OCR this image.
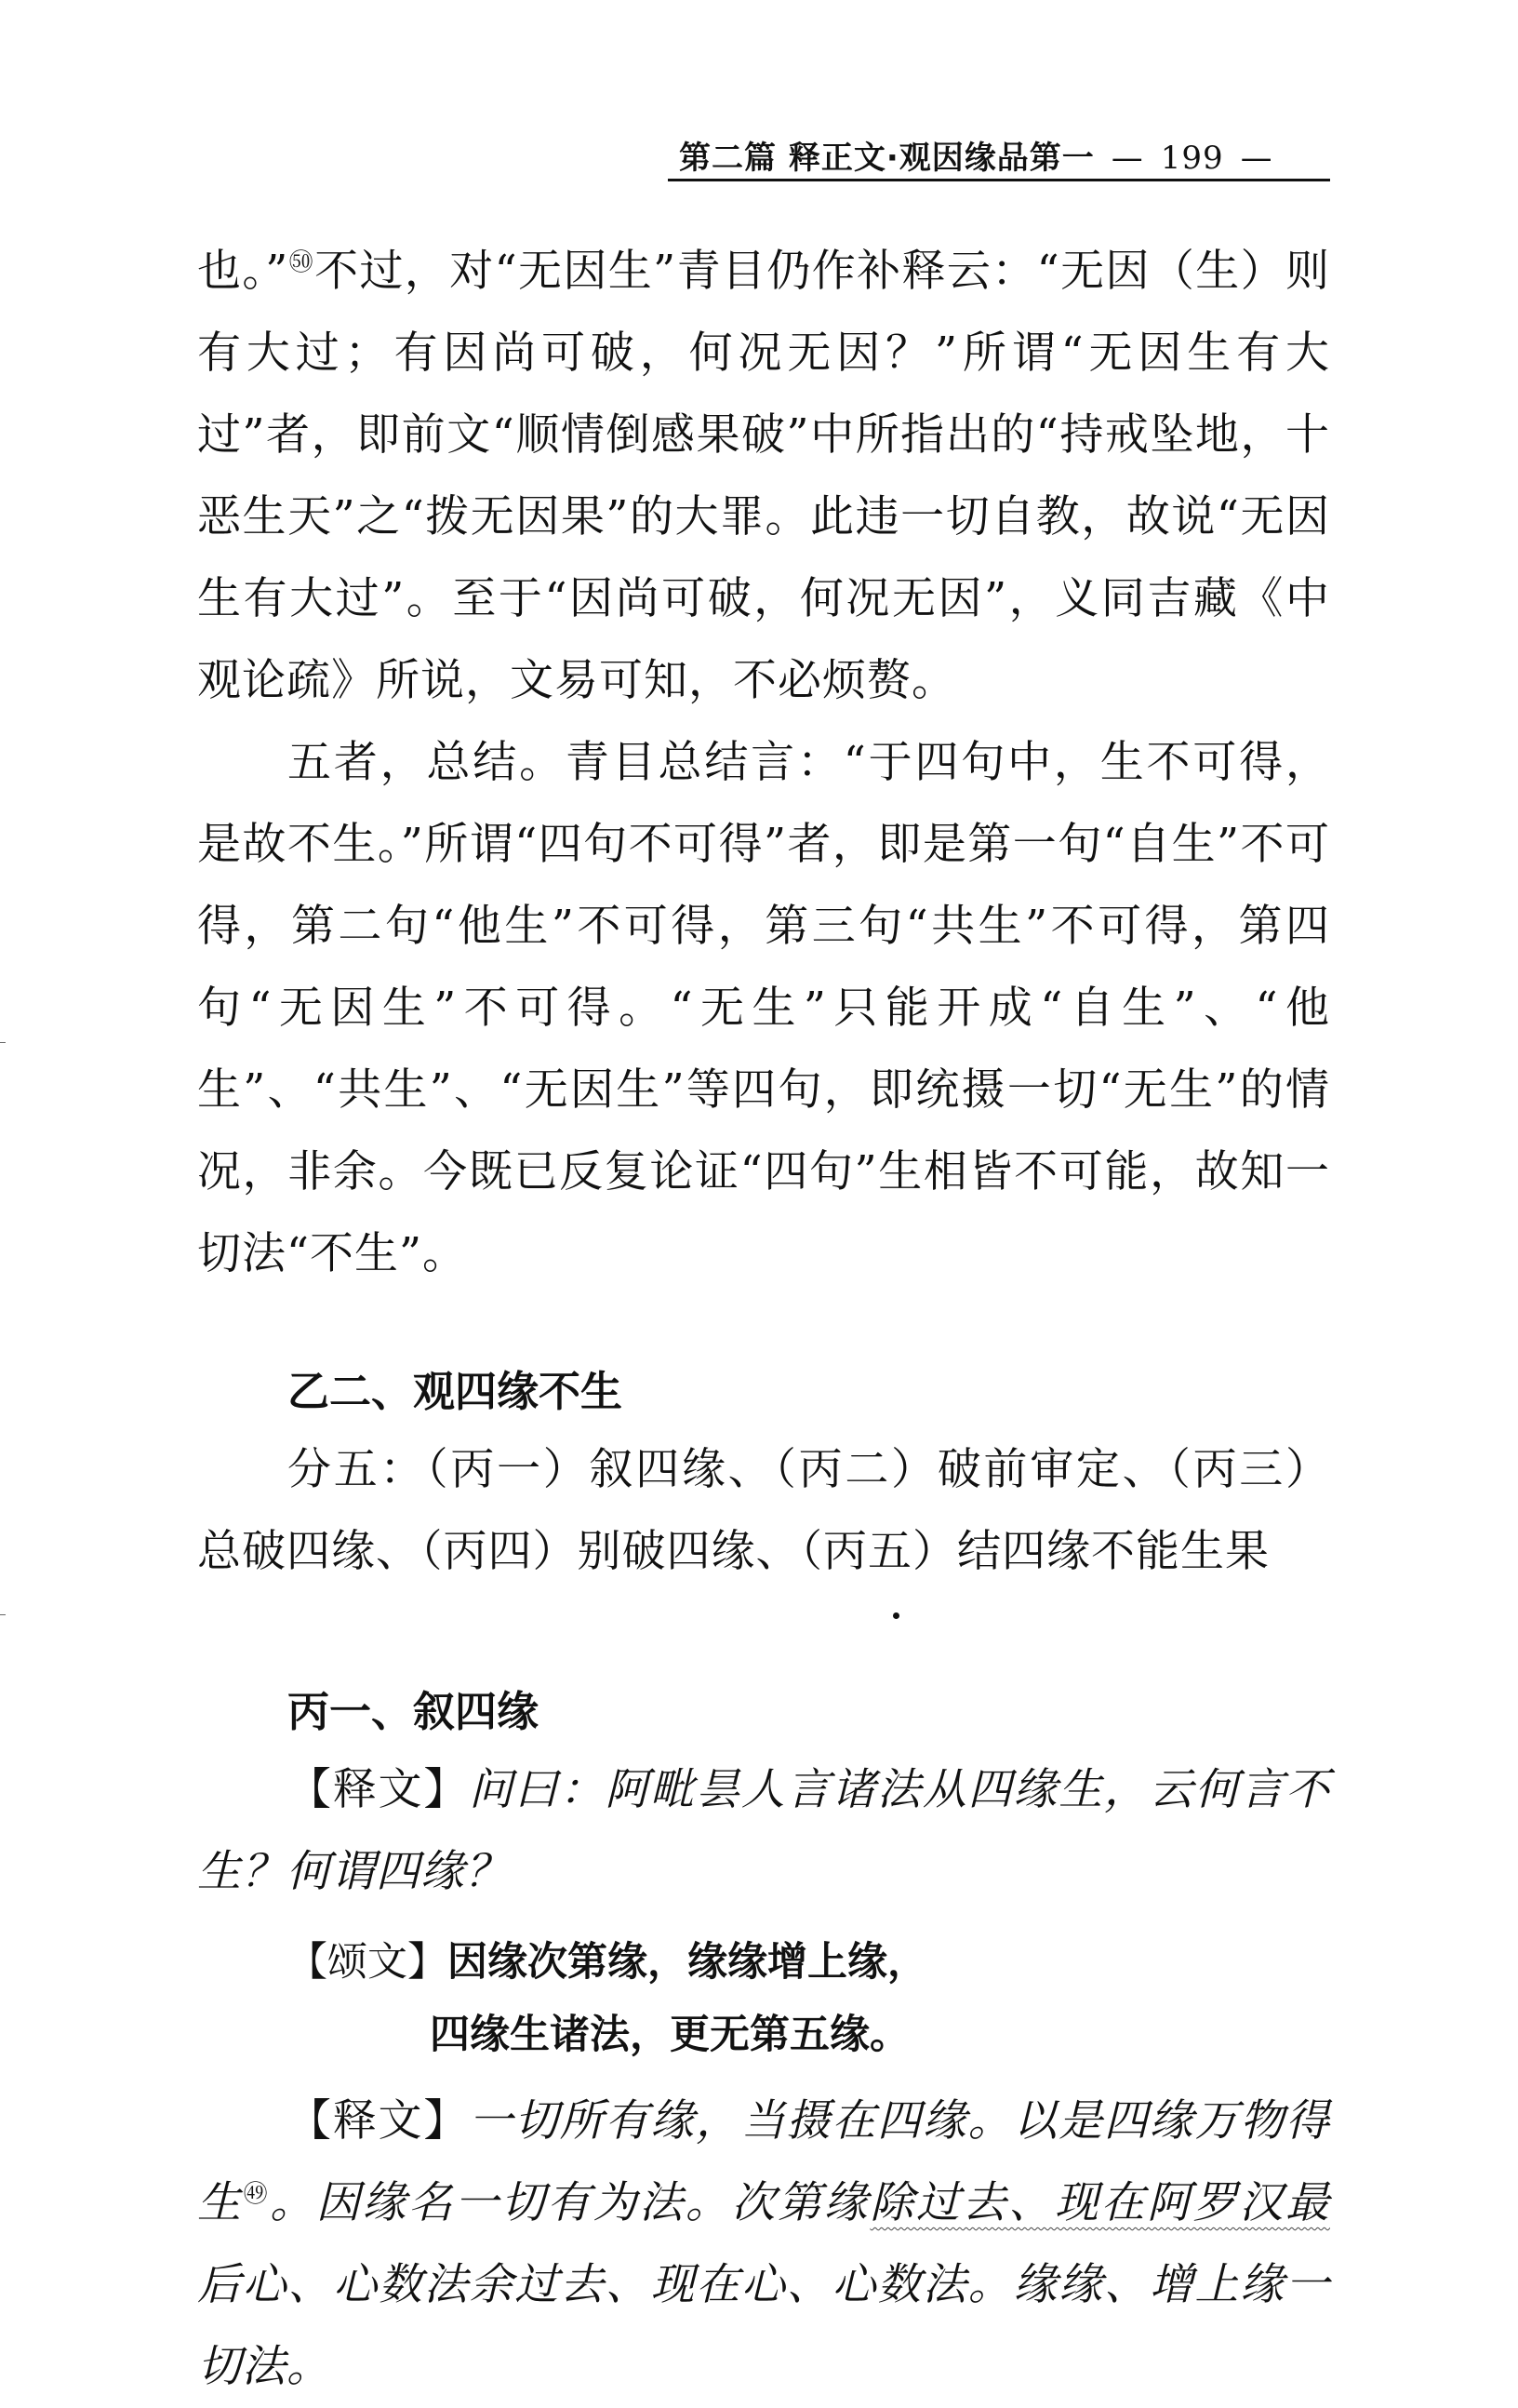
第二篇 释正文·观因缘品第一 — 199 —

也。”$^㊿$不过，对“无因生”青目仍作补释云：“无因（生）则有大过；有因尚可破，何况无因？”所谓“无因生有大过”者，即前文“顺情倒感果破”中所指出的“持戒坠地，十恶生天”之“拨无因果”的大罪。此违一切自教，故说“无因生有大过”。至于“因尚可破，何况无因”，义同吉藏《中观论疏》所说，文易可知，不必烦赘。

五者，总结。青目总结言：“于四句中，生不可得，是故不生。”所谓“四句不可得”者，即是第一句“自生”不可得，第二句“他生”不可得，第三句“共生”不可得，第四句“无因生”不可得。“无生”只能开成“自生”、“他生”、“共生”、“无因生”等四句，即统摄一切“无生”的情况，非余。今既已反复论证“四句”生相皆不可能，故知一切法“不生”。

乙二、观四缘不生

分五：（丙一）叙四缘、（丙二）破前审定、（丙三）总破四缘、（丙四）别破四缘、（丙五）结四缘不能生果

丙一、叙四缘

【释文】问曰：阿毗昙人言诸法从四缘生，云何言不生？何谓四缘？

【颂文】因缘次第缘，缘缘增上缘，

四缘生诸法，更无第五缘。

【释文】一切所有缘，当摄在四缘。以是四缘万物得生$^㊾$。因缘名一切有为法。次第缘除过去、现在阿罗汉最后心、心数法余过去、现在心、心数法。缘缘、增上缘一切法。
